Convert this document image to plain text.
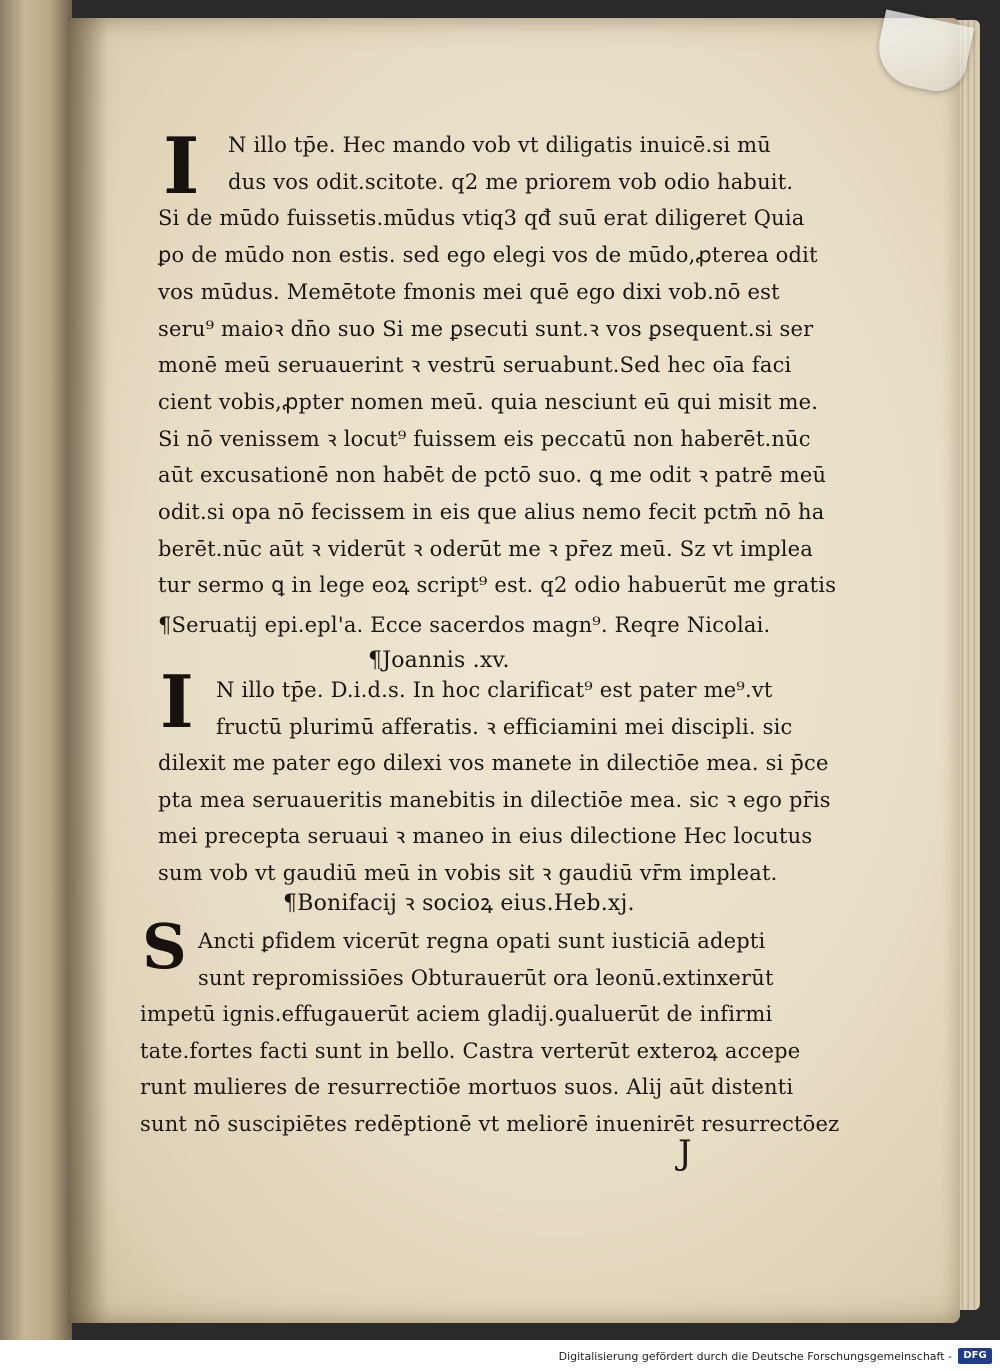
I
¶Seruatij epi.epl'a. Ecce sacerdos magn⁹. Reqre Nicolai.
¶Joannis .xv.
I
¶Bonifacij ꝛ socioꝝ eius.Heb.xj.
S
J
N illo tp̄e. Hec mando vob vt diligatis inuicē.si mū
dus vos odit.scitote. q2 me priorem vob odio habuit.
Si de mūdo fuissetis.mūdus vtiq3 qđ suū erat diligeret Quia
ꝑo de mūdo non estis. sed ego elegi vos de mūdo,ꝓterea odit
vos mūdus. Memētote fmonis mei quē ego dixi vob.nō est
seru⁹ maioꝛ dn̄o suo Si me ꝑsecuti sunt.ꝛ vos ꝑsequent.si ser
monē meū seruauerint ꝛ vestrū seruabunt.Sed hec oīa faci
cient vobis,ꝓpter nomen meū. quia nesciunt eū qui misit me.
Si nō venissem ꝛ locut⁹ fuissem eis peccatū non haberēt.nūc
aūt excusationē non habēt de pctō suo. ꝗ me odit ꝛ patrē meū
odit.si opa nō fecissem in eis que alius nemo fecit pctm̄ nō ha
berēt.nūc aūt ꝛ viderūt ꝛ oderūt me ꝛ pr̄ez meū. Sz vt implea
tur sermo ꝗ in lege eoꝝ script⁹ est. q2 odio habuerūt me gratis
N illo tp̄e. D.i.d.s. In hoc clarificat⁹ est pater me⁹.vt
fructū plurimū afferatis. ꝛ efficiamini mei discipli. sic
dilexit me pater ego dilexi vos manete in dilectiōe mea. si p̄ce
pta mea seruaueritis manebitis in dilectiōe mea. sic ꝛ ego pr̄is
mei precepta seruaui ꝛ maneo in eius dilectione Hec locutus
sum vob vt gaudiū meū in vobis sit ꝛ gaudiū vr̄m impleat.
Ancti ꝑfidem vicerūt regna opati sunt iusticiā adepti
sunt repromissiōes Obturauerūt ora leonū.extinxerūt
impetū ignis.effugauerūt aciem gladij.ꝯualuerūt de infirmi
tate.fortes facti sunt in bello. Castra verterūt exteroꝝ accepe
runt mulieres de resurrectiōe mortuos suos. Alij aūt distenti
sunt nō suscipiētes redēptionē vt meliorē inuenirēt resurrectōez
Digitalisierung gefördert durch die Deutsche Forschungsgemeinschaft -	DFG
